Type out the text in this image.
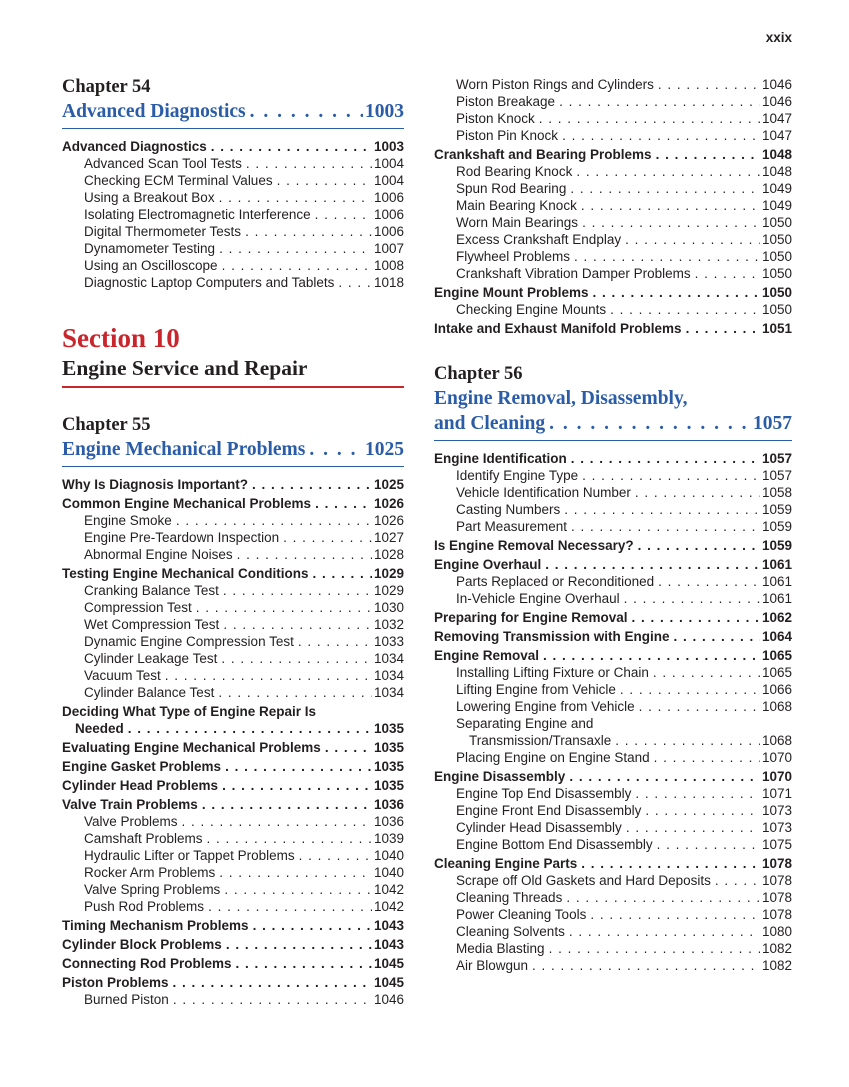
xxix
Chapter 54
Advanced Diagnostics . . .	1003
Advanced Diagnostics . . .	1003
Advanced Scan Tool Tests . . .	1004
Checking ECM Terminal Values . . .	1004
Using a Breakout Box . . .	1006
Isolating Electromagnetic Interference . . .	1006
Digital Thermometer Tests . . .	1006
Dynamometer Testing . . .	1007
Using an Oscilloscope . . .	1008
Diagnostic Laptop Computers and Tablets . . .	1018
Section 10
Engine Service and Repair
Chapter 55
Engine Mechanical Problems . . .	1025
Why Is Diagnosis Important? . . .	1025
Common Engine Mechanical Problems . . .	1026
Engine Smoke . . .	1026
Engine Pre-Teardown Inspection . . .	1027
Abnormal Engine Noises . . .	1028
Testing Engine Mechanical Conditions . . .	1029
Cranking Balance Test . . .	1029
Compression Test . . .	1030
Wet Compression Test . . .	1032
Dynamic Engine Compression Test . . .	1033
Cylinder Leakage Test . . .	1034
Vacuum Test . . .	1034
Cylinder Balance Test . . .	1034
Deciding What Type of Engine Repair Is
Needed . . .	1035
Evaluating Engine Mechanical Problems . . .	1035
Engine Gasket Problems . . .	1035
Cylinder Head Problems . . .	1035
Valve Train Problems . . .	1036
Valve Problems . . .	1036
Camshaft Problems . . .	1039
Hydraulic Lifter or Tappet Problems . . .	1040
Rocker Arm Problems . . .	1040
Valve Spring Problems . . .	1042
Push Rod Problems . . .	1042
Timing Mechanism Problems . . .	1043
Cylinder Block Problems . . .	1043
Connecting Rod Problems . . .	1045
Piston Problems . . .	1045
Burned Piston . . .	1046
Worn Piston Rings and Cylinders . . .	1046
Piston Breakage . . .	1046
Piston Knock . . .	1047
Piston Pin Knock . . .	1047
Crankshaft and Bearing Problems . . .	1048
Rod Bearing Knock . . .	1048
Spun Rod Bearing . . .	1049
Main Bearing Knock . . .	1049
Worn Main Bearings . . .	1050
Excess Crankshaft Endplay . . .	1050
Flywheel Problems . . .	1050
Crankshaft Vibration Damper Problems . . .	1050
Engine Mount Problems . . .	1050
Checking Engine Mounts . . .	1050
Intake and Exhaust Manifold Problems . . .	1051
Chapter 56
Engine Removal, Disassembly,
and Cleaning . . .	1057
Engine Identification . . .	1057
Identify Engine Type . . .	1057
Vehicle Identification Number . . .	1058
Casting Numbers . . .	1059
Part Measurement . . .	1059
Is Engine Removal Necessary? . . .	1059
Engine Overhaul . . .	1061
Parts Replaced or Reconditioned . . .	1061
In-Vehicle Engine Overhaul . . .	1061
Preparing for Engine Removal . . .	1062
Removing Transmission with Engine . . .	1064
Engine Removal . . .	1065
Installing Lifting Fixture or Chain . . .	1065
Lifting Engine from Vehicle . . .	1066
Lowering Engine from Vehicle . . .	1068
Separating Engine and
Transmission/Transaxle . . .	1068
Placing Engine on Engine Stand . . .	1070
Engine Disassembly . . .	1070
Engine Top End Disassembly . . .	1071
Engine Front End Disassembly . . .	1073
Cylinder Head Disassembly . . .	1073
Engine Bottom End Disassembly . . .	1075
Cleaning Engine Parts . . .	1078
Scrape off Old Gaskets and Hard Deposits . . .	1078
Cleaning Threads . . .	1078
Power Cleaning Tools . . .	1078
Cleaning Solvents . . .	1080
Media Blasting . . .	1082
Air Blowgun . . .	1082
